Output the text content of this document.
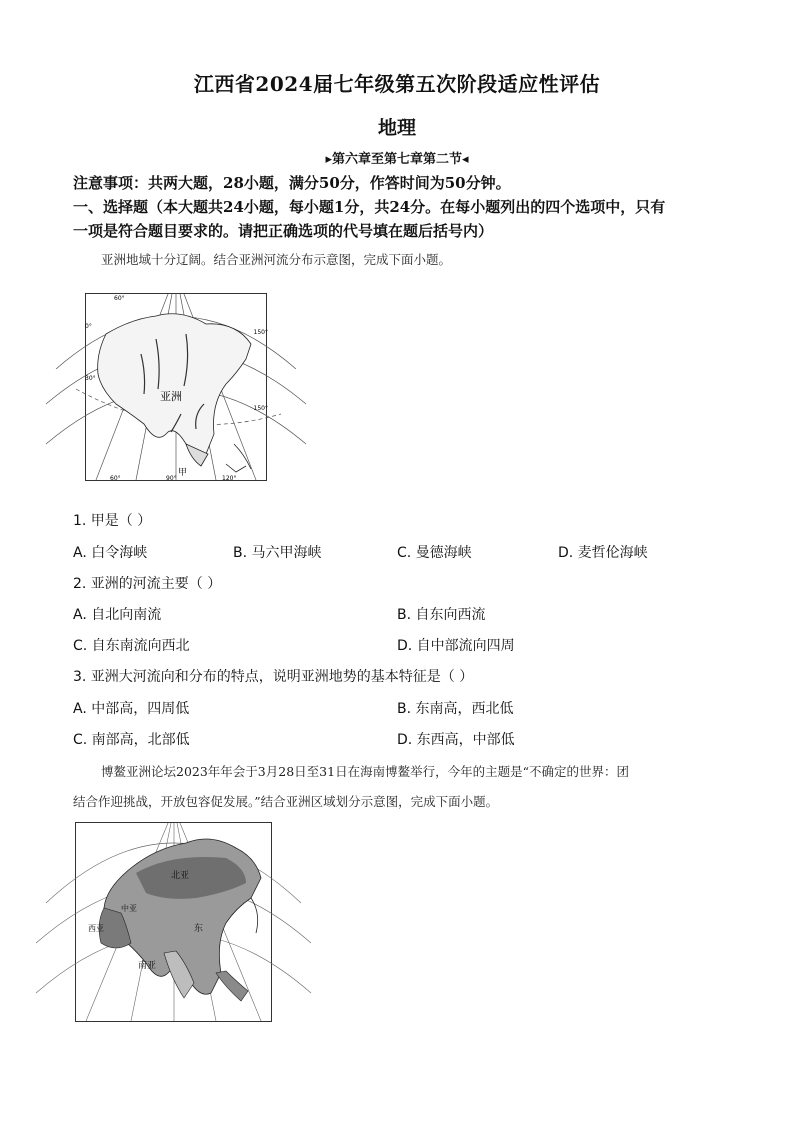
江西省2024届七年级第五次阶段适应性评估
地理
▸第六章至第七章第二节◂
注意事项：共两大题，28小题，满分50分，作答时间为50分钟。
一、选择题（本大题共24小题，每小题1分，共24分。在每小题列出的四个选项中，只有
一项是符合题目要求的。请把正确选项的代号填在题后括号内）
亚洲地域十分辽阔。结合亚洲河流分布示意图，完成下面小题。
60°
150°
0°
30°
150°
亚洲
甲
60°	90°	120°
1. 甲是（ ）
A. 白令海峡	B. 马六甲海峡	C. 曼德海峡	D. 麦哲伦海峡
2. 亚洲的河流主要（ ）
A. 自北向南流	B. 自东向西流
C. 自东南流向西北	D. 自中部流向四周
3. 亚洲大河流向和分布的特点，说明亚洲地势的基本特征是（ ）
A. 中部高，四周低	B. 东南高，西北低
C. 南部高，北部低	D. 东西高，中部低
博鳌亚洲论坛2023年年会于3月28日至31日在海南博鳌举行，今年的主题是“不确定的世界：团
结合作迎挑战，开放包容促发展。”结合亚洲区域划分示意图，完成下面小题。
北亚
中亚
西亚
南亚
东
